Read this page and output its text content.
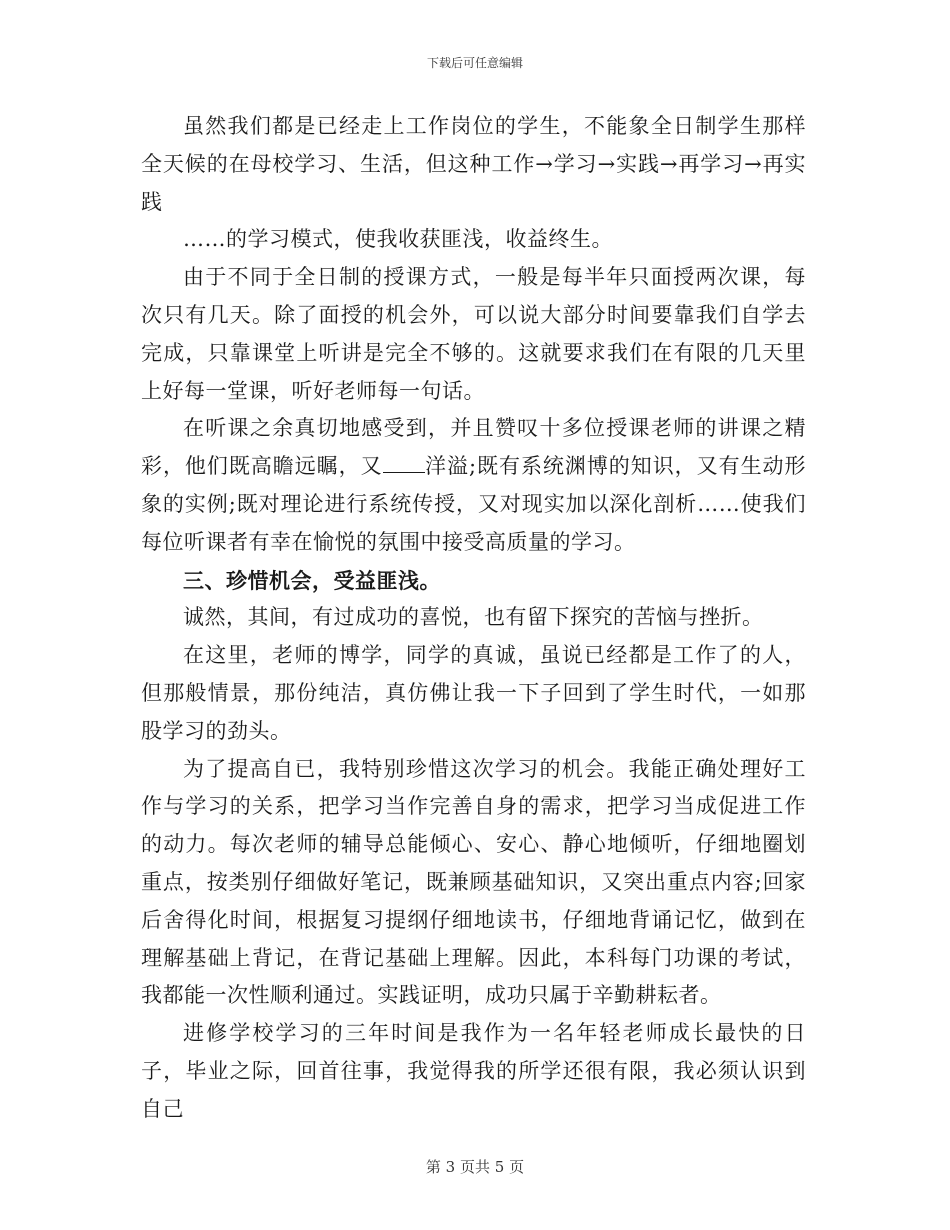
下载后可任意编辑

虽然我们都是已经走上工作岗位的学生，不能象全日制学生那样全天候的在母校学习、生活，但这种工作→学习→实践→再学习→再实践

……的学习模式，使我收获匪浅，收益终生。

由于不同于全日制的授课方式，一般是每半年只面授两次课，每次只有几天。除了面授的机会外，可以说大部分时间要靠我们自学去完成，只靠课堂上听讲是完全不够的。这就要求我们在有限的几天里上好每一堂课，听好老师每一句话。

在听课之余真切地感受到，并且赞叹十多位授课老师的讲课之精彩，他们既高瞻远瞩，又 洋溢;既有系统渊博的知识，又有生动形象的实例;既对理论进行系统传授，又对现实加以深化剖析……使我们每位听课者有幸在愉悦的氛围中接受高质量的学习。

三、珍惜机会，受益匪浅。

诚然，其间，有过成功的喜悦，也有留下探究的苦恼与挫折。

在这里，老师的博学，同学的真诚，虽说已经都是工作了的人，但那般情景，那份纯洁，真仿佛让我一下子回到了学生时代，一如那股学习的劲头。

为了提高自已，我特别珍惜这次学习的机会。我能正确处理好工作与学习的关系，把学习当作完善自身的需求，把学习当成促进工作的动力。每次老师的辅导总能倾心、安心、静心地倾听，仔细地圈划重点，按类别仔细做好笔记，既兼顾基础知识，又突出重点内容;回家后舍得化时间，根据复习提纲仔细地读书，仔细地背诵记忆，做到在理解基础上背记，在背记基础上理解。因此，本科每门功课的考试，我都能一次性顺利通过。实践证明，成功只属于辛勤耕耘者。

进修学校学习的三年时间是我作为一名年轻老师成长最快的日子，毕业之际，回首往事，我觉得我的所学还很有限，我必须认识到自己

第 3 页共 5 页
